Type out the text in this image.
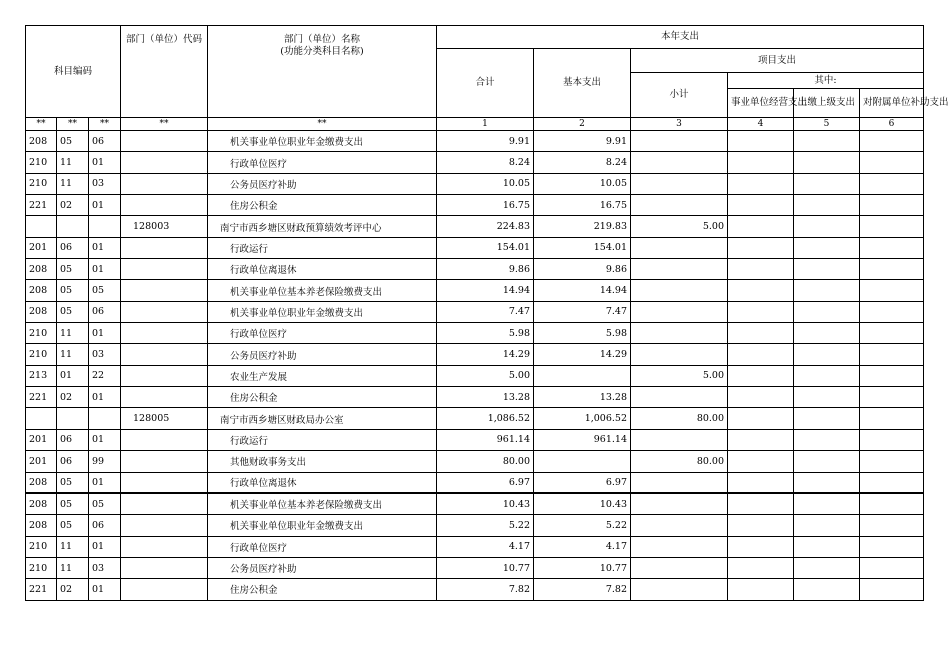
科目编码			部门（单位）代码	部门（单位）名称
(功能分类科目名称)	本年支出					
					合计	基本支出	项目支出			
							小计	其中:		
								事业单位经营支出	上缴上级支出	对附属单位补助支出
**	**	**	**	**	1	2	3	4	5	6
208	05	06		机关事业单位职业年金缴费支出	9.91	9.91				
210	11	01		行政单位医疗	8.24	8.24				
210	11	03		公务员医疗补助	10.05	10.05				
221	02	01		住房公积金	16.75	16.75				
			128003	南宁市西乡塘区财政预算绩效考评中心	224.83	219.83	5.00			
201	06	01		行政运行	154.01	154.01				
208	05	01		行政单位离退休	9.86	9.86				
208	05	05		机关事业单位基本养老保险缴费支出	14.94	14.94				
208	05	06		机关事业单位职业年金缴费支出	7.47	7.47				
210	11	01		行政单位医疗	5.98	5.98				
210	11	03		公务员医疗补助	14.29	14.29				
213	01	22		农业生产发展	5.00		5.00			
221	02	01		住房公积金	13.28	13.28				
			128005	南宁市西乡塘区财政局办公室	1,086.52	1,006.52	80.00			
201	06	01		行政运行	961.14	961.14				
201	06	99		其他财政事务支出	80.00		80.00			
208	05	01		行政单位离退休	6.97	6.97				
208	05	05		机关事业单位基本养老保险缴费支出	10.43	10.43				
208	05	06		机关事业单位职业年金缴费支出	5.22	5.22				
210	11	01		行政单位医疗	4.17	4.17				
210	11	03		公务员医疗补助	10.77	10.77				
221	02	01		住房公积金	7.82	7.82				
